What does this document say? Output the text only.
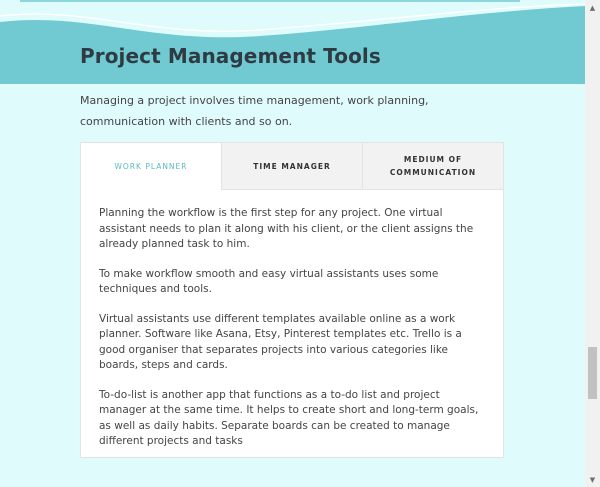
Project Management Tools

Managing a project involves time management, work planning, communication with clients and so on.

WORK PLANNER	TIME MANAGER
MEDIUM OF
COMMUNICATION

Planning the workflow is the first step for any project. One virtual assistant needs to plan it along with his client, or the client assigns the already planned task to him.

To make workflow smooth and easy virtual assistants uses some techniques and tools.

Virtual assistants use different templates available online as a work planner. Software like Asana, Etsy, Pinterest templates etc. Trello is a good organiser that separates projects into various categories like boards, steps and cards.

To-do-list is another app that functions as a to-do list and project manager at the same time. It helps to create short and long-term goals, as well as daily habits. Separate boards can be created to manage different projects and tasks

▲
▼
